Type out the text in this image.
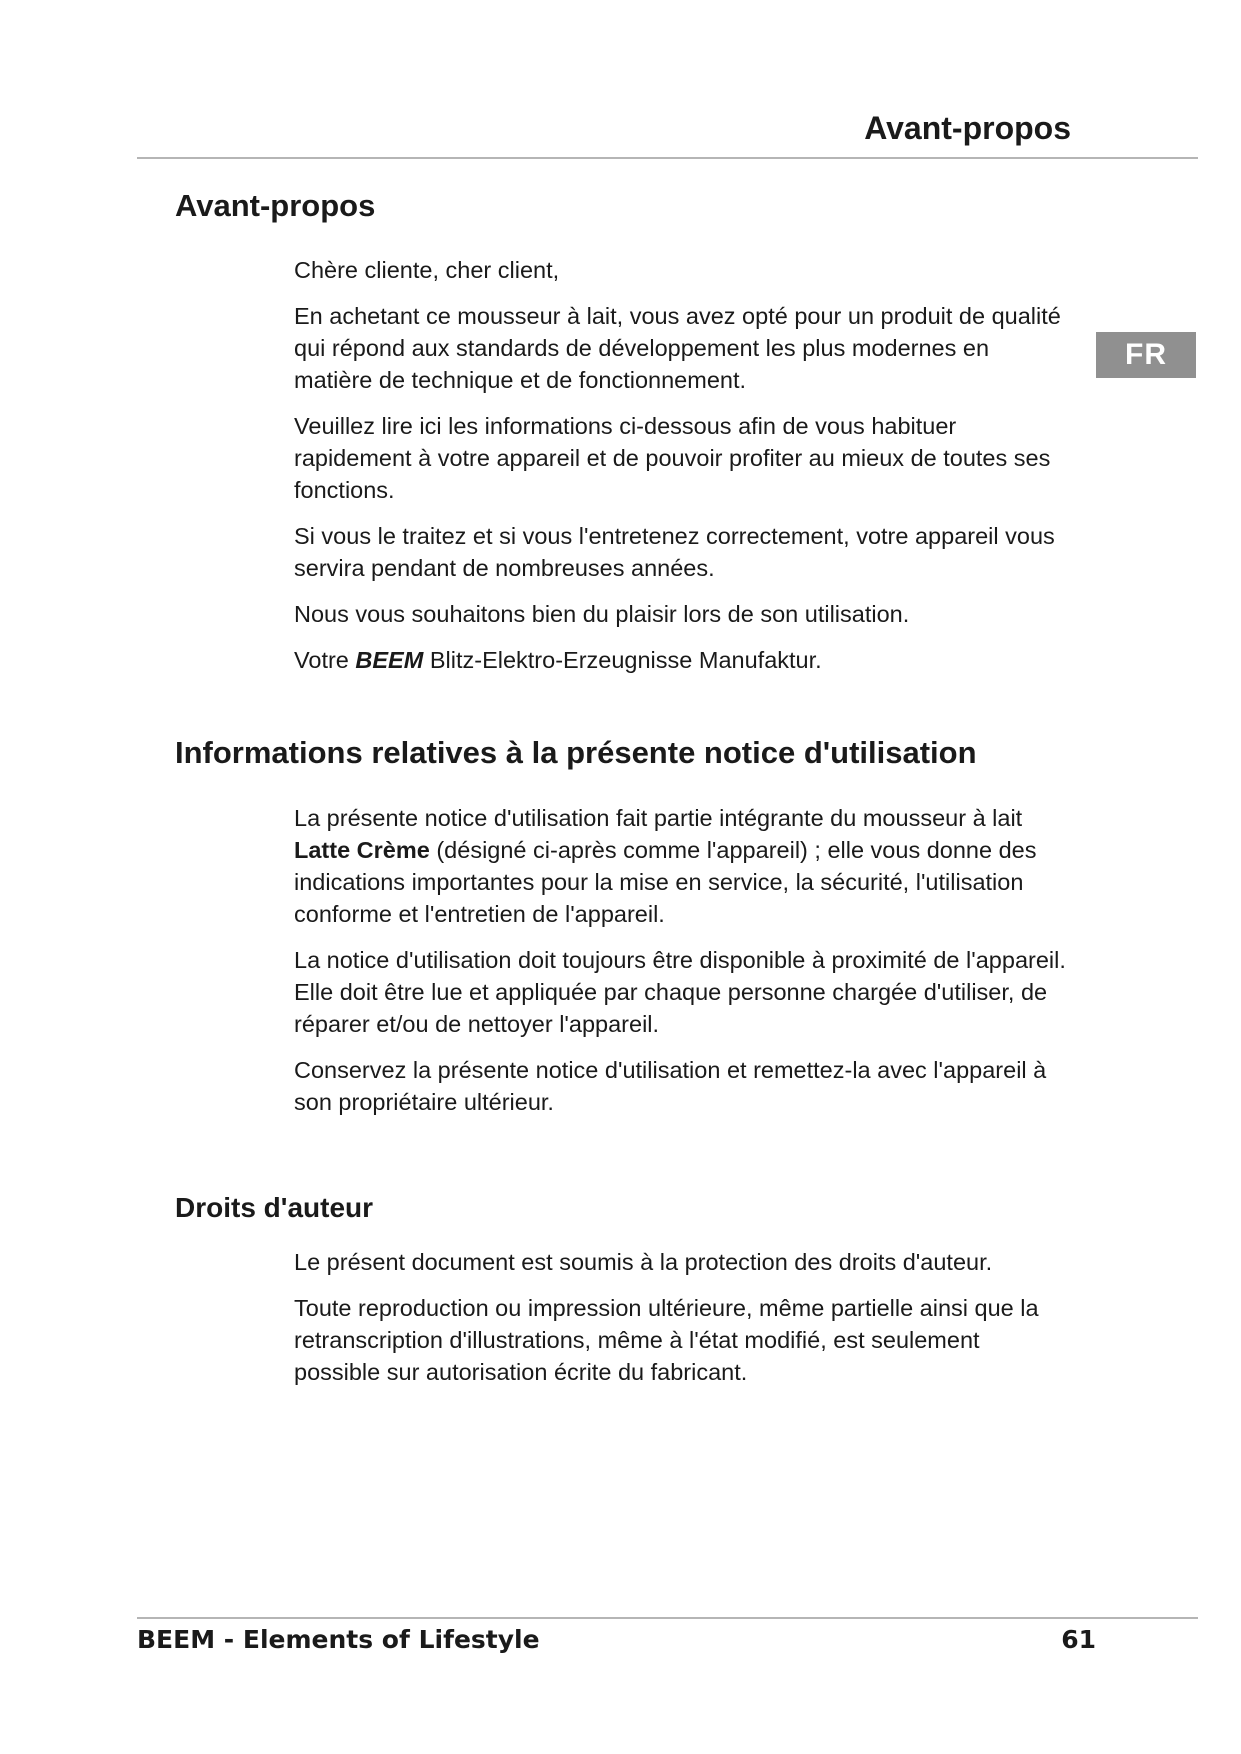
Avant-propos
FR
Avant-propos

Chère cliente, cher client,

En achetant ce mousseur à lait, vous avez opté pour un produit de qualité qui répond aux standards de développement les plus modernes en matière de technique et de fonctionnement.

Veuillez lire ici les informations ci-dessous afin de vous habituer rapidement à votre appareil et de pouvoir profiter au mieux de toutes ses fonctions.

Si vous le traitez et si vous l'entretenez correctement, votre appareil vous servira pendant de nombreuses années.

Nous vous souhaitons bien du plaisir lors de son utilisation.

Votre BEEM Blitz-Elektro-Erzeugnisse Manufaktur.

Informations relatives à la présente notice d'utilisation

La présente notice d'utilisation fait partie intégrante du mousseur à lait Latte Crème (désigné ci-après comme l'appareil) ; elle vous donne des indications importantes pour la mise en service, la sécurité, l'utilisation conforme et l'entretien de l'appareil.

La notice d'utilisation doit toujours être disponible à proximité de l'appareil. Elle doit être lue et appliquée par chaque personne chargée d'utiliser, de réparer et/ou de nettoyer l'appareil.

Conservez la présente notice d'utilisation et remettez-la avec l'appareil à son propriétaire ultérieur.

Droits d'auteur

Le présent document est soumis à la protection des droits d'auteur.

Toute reproduction ou impression ultérieure, même partielle ainsi que la retranscription d'illustrations, même à l'état modifié, est seulement possible sur autorisation écrite du fabricant.

BEEM - Elements of Lifestyle	61
